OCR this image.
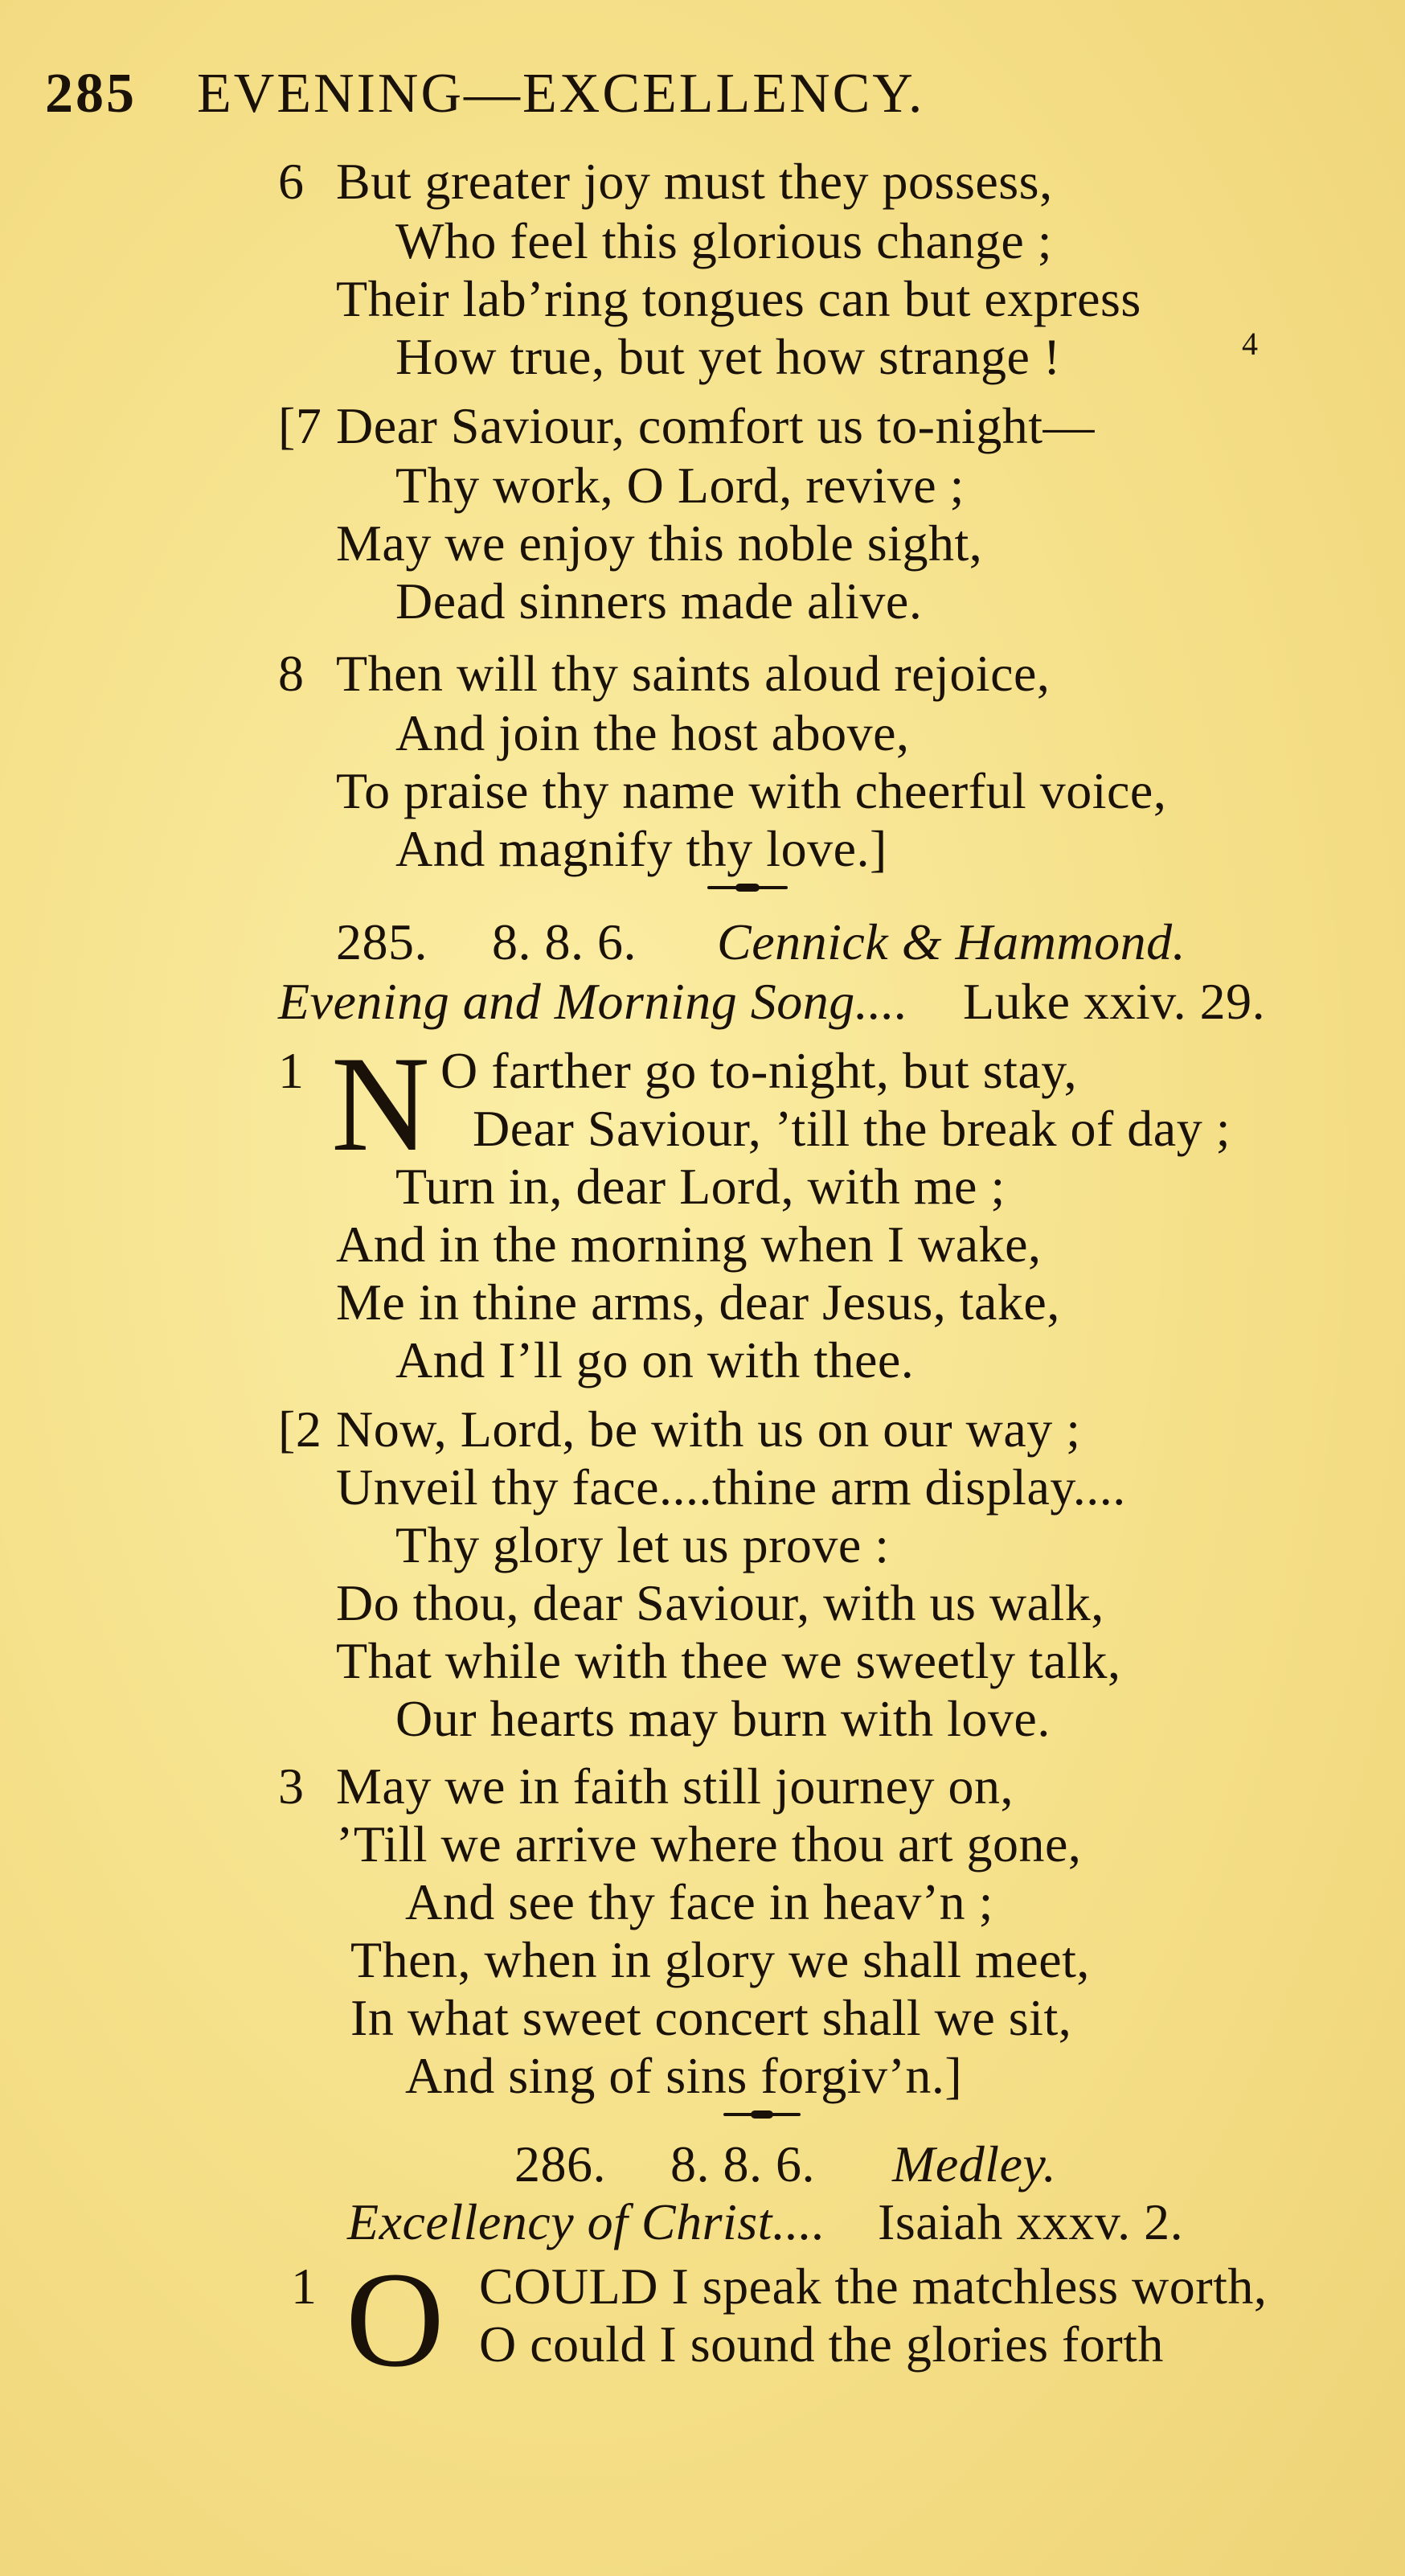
285 EVENING—EXCELLENCY.
6 But greater joy must they possess,
Who feel this glorious change ;
Their lab’ring tongues can but express
How true, but yet how strange !	4
[7 Dear Saviour, comfort us to-night—
Thy work, O Lord, revive ;
May we enjoy this noble sight,
Dead sinners made alive.
8 Then will thy saints aloud rejoice,
And join the host above,
To praise thy name with cheerful voice,
And magnify thy love.]
285. 8. 8. 6. Cennick & Hammond.
Evening and Morning Song.... Luke xxiv. 29.
1 N O farther go to-night, but stay,
Dear Saviour, ’till the break of day ;
Turn in, dear Lord, with me ;
And in the morning when I wake,
Me in thine arms, dear Jesus, take,
And I’ll go on with thee.
[2 Now, Lord, be with us on our way ;
Unveil thy face....thine arm display....
Thy glory let us prove :
Do thou, dear Saviour, with us walk,
That while with thee we sweetly talk,
Our hearts may burn with love.
3 May we in faith still journey on,
’Till we arrive where thou art gone,
And see thy face in heav’n ;
Then, when in glory we shall meet,
In what sweet concert shall we sit,
And sing of sins forgiv’n.]
286. 8. 8. 6. Medley.
Excellency of Christ.... Isaiah xxxv. 2.
1 O COULD I speak the matchless worth,
O could I sound the glories forth
